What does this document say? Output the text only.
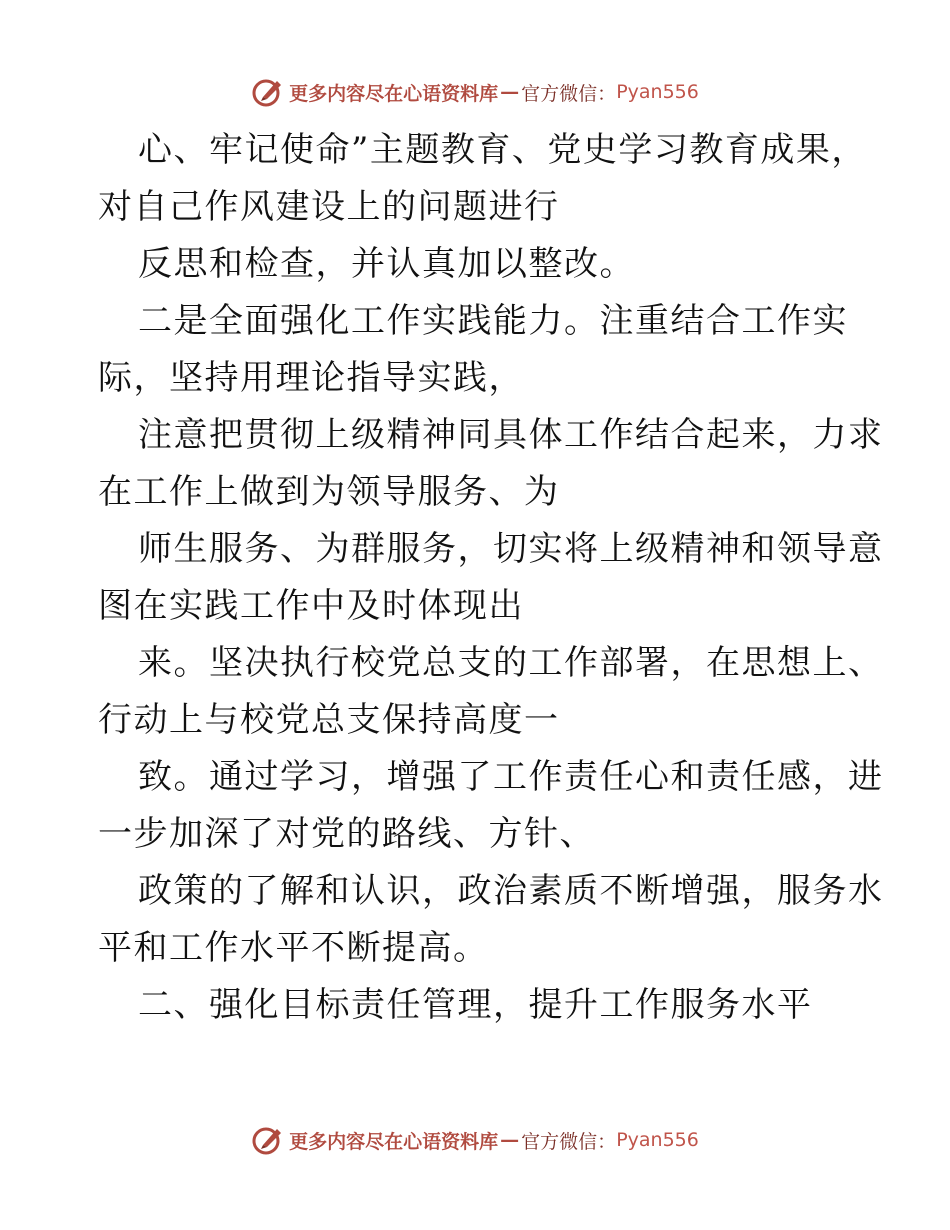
更多内容尽在心语资料库 — 官方微信： Pyan556
心、牢记使命”主题教育、党史学习教育成果，
对自己作风建设上的问题进行
反思和检查，并认真加以整改。
二是全面强化工作实践能力。注重结合工作实
际，坚持用理论指导实践，
注意把贯彻上级精神同具体工作结合起来，力求
在工作上做到为领导服务、为
师生服务、为群服务，切实将上级精神和领导意
图在实践工作中及时体现出
来。坚决执行校党总支的工作部署，在思想上、
行动上与校党总支保持高度一
致。通过学习，增强了工作责任心和责任感，进
一步加深了对党的路线、方针、
政策的了解和认识，政治素质不断增强，服务水
平和工作水平不断提高。
二、强化目标责任管理，提升工作服务水平
更多内容尽在心语资料库 — 官方微信： Pyan556
